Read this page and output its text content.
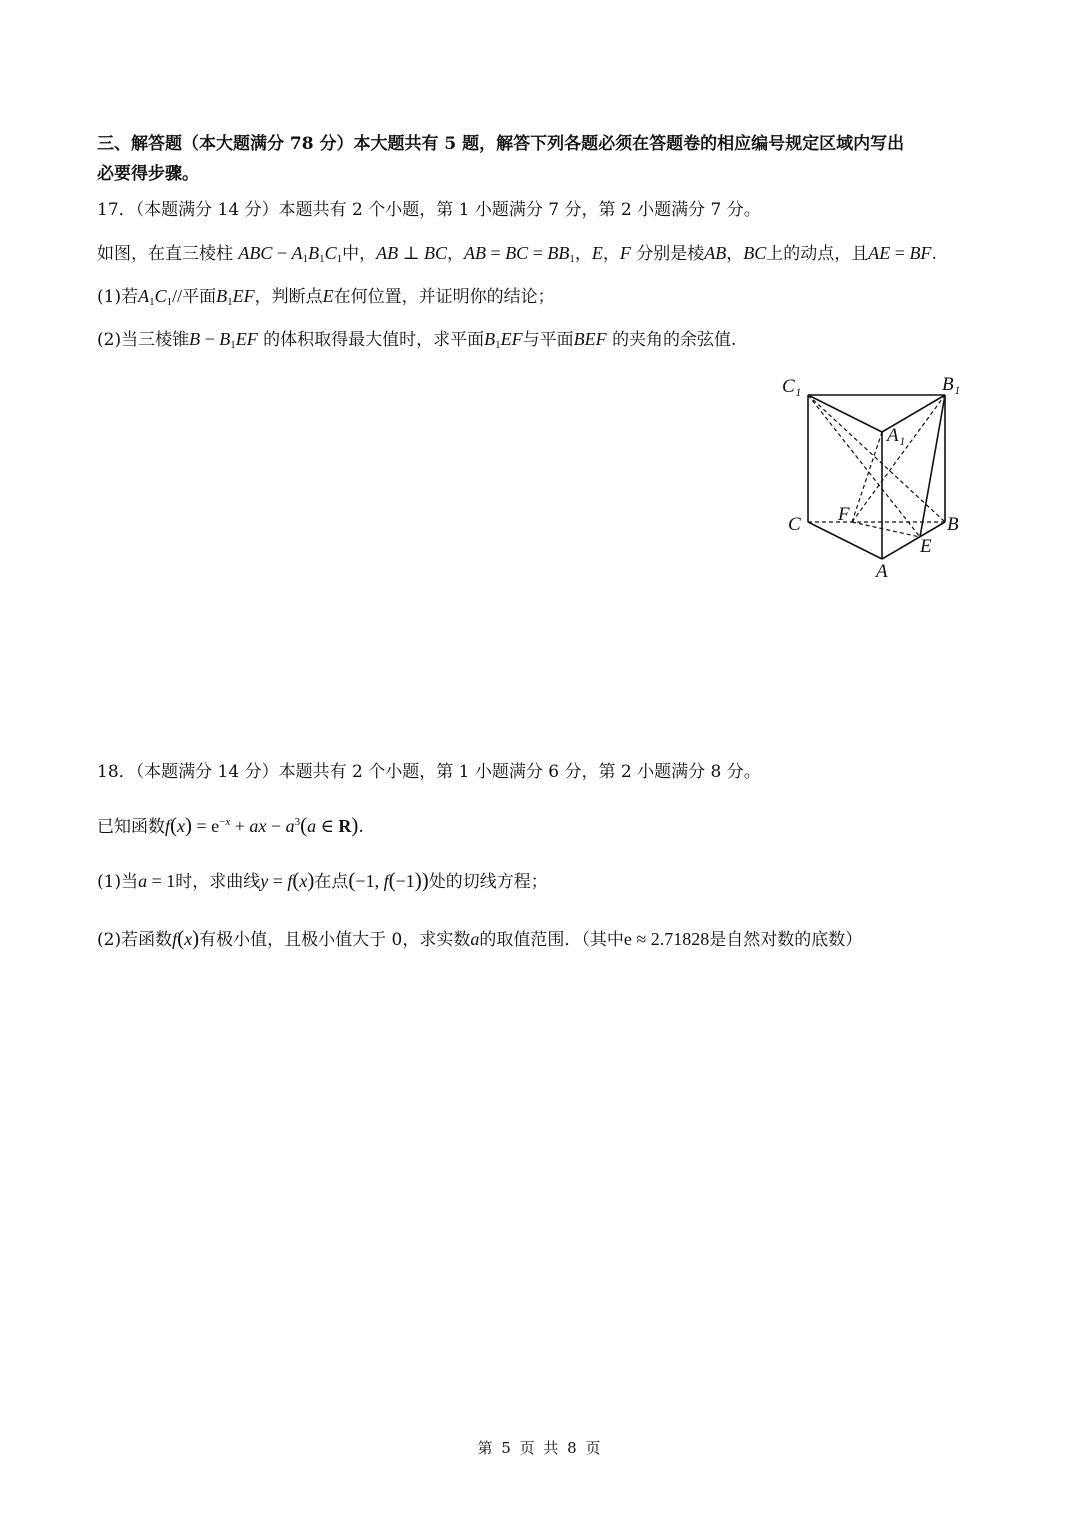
三、解答题（本大题满分 78 分）本大题共有 5 题，解答下列各题必须在答题卷的相应编号规定区域内写出
必要得步骤。
17．（本题满分 14 分）本题共有 2 个小题，第 1 小题满分 7 分，第 2 小题满分 7 分。
如图，在直三棱柱 ABC − $A_1B_1C_1$中，AB ⊥ BC，AB = BC = $BB_1$，E，F 分别是棱AB，BC上的动点，且AE = BF.
(1)若$A_1C_1//$平面$B_1EF$，判断点E在何位置，并证明你的结论；
(2)当三棱锥$B - B_1EF$ 的体积取得最大值时，求平面$B_1EF$与平面BEF 的夹角的余弦值.
C₁	B₁
A₁
C F	B
E
A
18．（本题满分 14 分）本题共有 2 个小题，第 1 小题满分 6 分，第 2 小题满分 8 分。
已知函数$f(x) = e^{-x}$ + ax − $a^3(a$ ∈ R).
(1)当a = 1时，求曲线y = f(x)在点(−1, f(−1))处的切线方程；
(2)若函数f(x)有极小值，且极小值大于 0，求实数a的取值范围．（其中e ≈ 2.71828是自然对数的底数）
第 5 页 共 8 页
